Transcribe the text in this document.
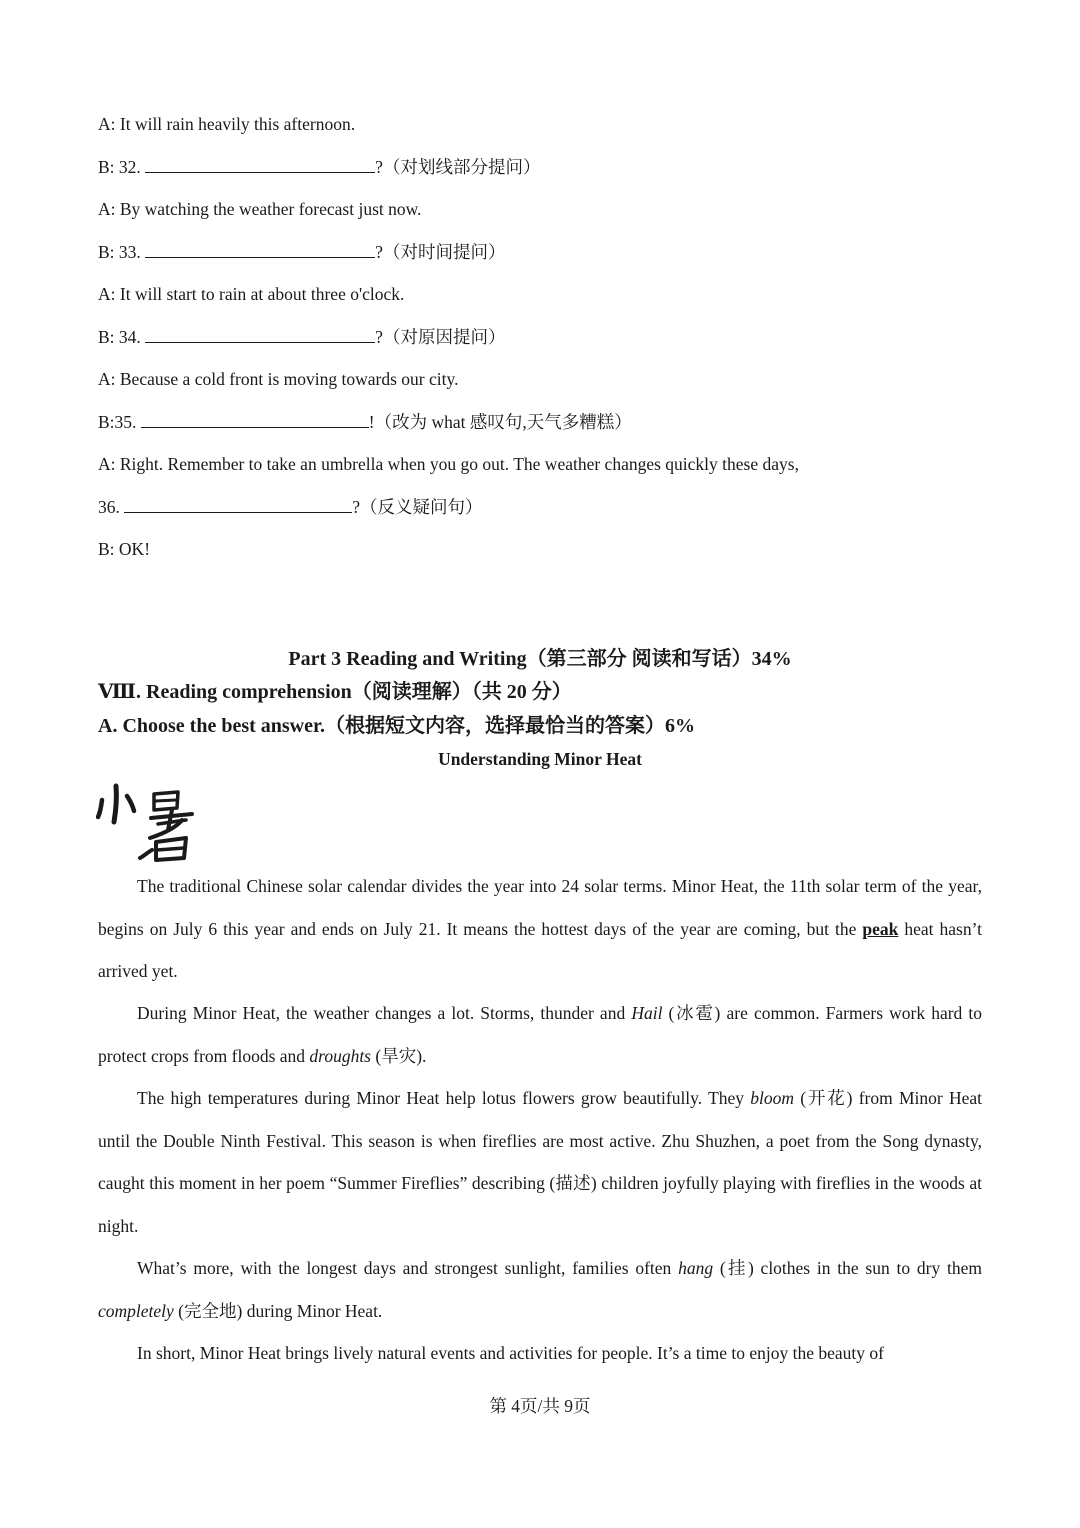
A: It will rain heavily this afternoon.
B: 32.	?（对划线部分提问）
A: By watching the weather forecast just now.
B: 33.	?（对时间提问）
A: It will start to rain at about three o'clock.
B: 34.	?（对原因提问）
A: Because a cold front is moving towards our city.
B:35.	!（改为 what 感叹句,天气多糟糕）
A: Right. Remember to take an umbrella when you go out. The weather changes quickly these days,
36.	?（反义疑问句）
B: OK!
Part 3 Reading and Writing（第三部分 阅读和写话）34%
Ⅷ. Reading comprehension（阅读理解）（共 20 分）
A. Choose the best answer.（根据短文内容，选择最恰当的答案）6%
Understanding Minor Heat

The traditional Chinese solar calendar divides the year into 24 solar terms. Minor Heat, the 11th solar term of the year, begins on July 6 this year and ends on July 21. It means the hottest days of the year are coming, but the peak heat hasn’t arrived yet.

During Minor Heat, the weather changes a lot. Storms, thunder and Hail (冰雹) are common. Farmers work hard to protect crops from floods and droughts (旱灾).

The high temperatures during Minor Heat help lotus flowers grow beautifully. They bloom (开花) from Minor Heat until the Double Ninth Festival. This season is when fireflies are most active. Zhu Shuzhen, a poet from the Song dynasty, caught this moment in her poem “Summer Fireflies” describing (描述) children joyfully playing with fireflies in the woods at night.

What’s more, with the longest days and strongest sunlight, families often hang (挂) clothes in the sun to dry them completely (完全地) during Minor Heat.

In short, Minor Heat brings lively natural events and activities for people. It’s a time to enjoy the beauty of

第 4页/共 9页
